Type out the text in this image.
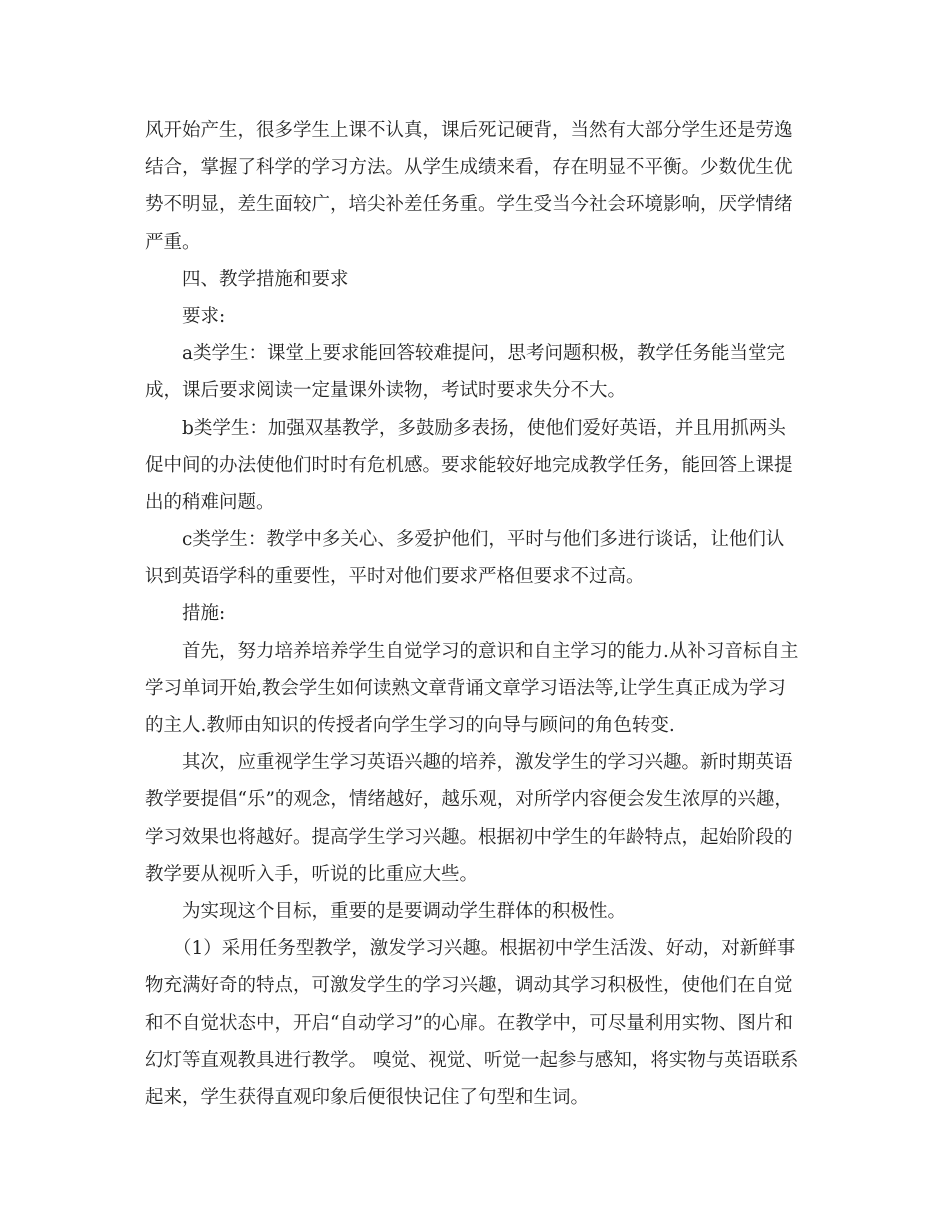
风开始产生，很多学生上课不认真，课后死记硬背，当然有大部分学生还是劳逸
结合，掌握了科学的学习方法。从学生成绩来看，存在明显不平衡。少数优生优
势不明显，差生面较广，培尖补差任务重。学生受当今社会环境影响，厌学情绪
严重。
四、教学措施和要求
要求:
a类学生：课堂上要求能回答较难提问，思考问题积极，教学任务能当堂完
成，课后要求阅读一定量课外读物，考试时要求失分不大。
b类学生：加强双基教学，多鼓励多表扬，使他们爱好英语，并且用抓两头
促中间的办法使他们时时有危机感。要求能较好地完成教学任务，能回答上课提
出的稍难问题。
c类学生：教学中多关心、多爱护他们，平时与他们多进行谈话，让他们认
识到英语学科的重要性，平时对他们要求严格但要求不过高。
措施:
首先，努力培养培养学生自觉学习的意识和自主学习的能力.从补习音标自主
学习单词开始,教会学生如何读熟文章背诵文章学习语法等,让学生真正成为学习
的主人.教师由知识的传授者向学生学习的向导与顾问的角色转变.
其次，应重视学生学习英语兴趣的培养，激发学生的学习兴趣。新时期英语
教学要提倡“乐”的观念，情绪越好，越乐观，对所学内容便会发生浓厚的兴趣，
学习效果也将越好。提高学生学习兴趣。根据初中学生的年龄特点，起始阶段的
教学要从视听入手，听说的比重应大些。
为实现这个目标，重要的是要调动学生群体的积极性。
（1）采用任务型教学，激发学习兴趣。根据初中学生活泼、好动，对新鲜事
物充满好奇的特点，可激发学生的学习兴趣，调动其学习积极性，使他们在自觉
和不自觉状态中，开启“自动学习”的心扉。在教学中，可尽量利用实物、图片和
幻灯等直观教具进行教学。 嗅觉、视觉、听觉一起参与感知，将实物与英语联系
起来，学生获得直观印象后便很快记住了句型和生词。
